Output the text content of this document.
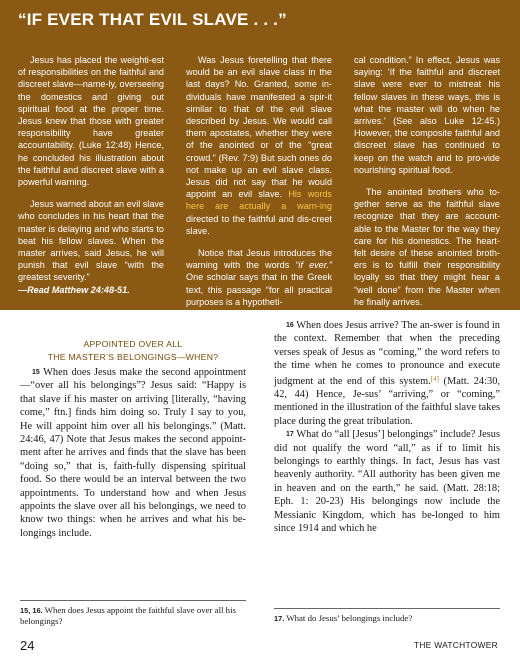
“IF EVER THAT EVIL SLAVE . . .”

Jesus has placed the weighti-est of responsibilities on the faithful and discreet slave—name-ly, overseeing the domestics and giving out spiritual food at the proper time. Jesus knew that those with greater responsibility have greater accountability. (Luke 12:48) Hence, he concluded his illustration about the faithful and discreet slave with a powerful warning.

Jesus warned about an evil slave who concludes in his heart that the master is delaying and who starts to beat his fellow slaves. When the master arrives, said Jesus, he will punish that evil slave “with the greatest severity.”
—Read Matthew 24:48-51.

Was Jesus foretelling that there would be an evil slave class in the last days? No. Granted, some in-dividuals have manifested a spir-it similar to that of the evil slave described by Jesus. We would call them apostates, whether they were of the anointed or of the “great crowd.” (Rev. 7:9) But such ones do not make up an evil slave class. Jesus did not say that he would appoint an evil slave. His words here are actually a warn-ing directed to the faithful and dis-creet slave.

Notice that Jesus introduces the warning with the words “if ever.” One scholar says that in the Greek text, this passage “for all practical purposes is a hypotheti-

cal condition.” In effect, Jesus was saying: ‘If the faithful and discreet slave were ever to mistreat his fellow slaves in these ways, this is what the master will do when he arrives.’ (See also Luke 12:45.) However, the composite faithful and discreet slave has continued to keep on the watch and to pro-vide nourishing spiritual food.

The anointed brothers who to-gether serve as the faithful slave recognize that they are account-able to the Master for the way they care for his domestics. The heart-felt desire of these anointed broth-ers is to fulfill their responsibility loyally so that they might hear a “well done” from the Master when he finally arrives.

APPOINTED OVER ALL
THE MASTER’S BELONGINGS—WHEN?

15 When does Jesus make the second appointment—“over all his belongings”? Jesus said: “Happy is that slave if his master on arriving [literally, “having come,” ftn.] finds him doing so. Truly I say to you, He will appoint him over all his belongings.” (Matt. 24:46, 47) Note that Jesus makes the second appoint-ment after he arrives and finds that the slave has been “doing so,” that is, faith-fully dispensing spiritual food. So there would be an interval between the two appointments. To understand how and when Jesus appoints the slave over all his belongings, we need to know two things: when he arrives and what his be-longings include.

15, 16. When does Jesus appoint the faithful slave over all his belongings?

16 When does Jesus arrive? The an-swer is found in the context. Remember that when the preceding verses speak of Jesus as “coming,” the word refers to the time when he comes to pronounce and execute judgment at the end of this system.[4] (Matt. 24:30, 42, 44) Hence, Je-sus’ “arriving,” or “coming,” mentioned in the illustration of the faithful slave takes place during the great tribulation.

17 What do “all [Jesus’] belongings” include? Jesus did not qualify the word “all,” as if to limit his belongings to earthly things. In fact, Jesus has vast heavenly authority. “All authority has been given me in heaven and on the earth,” he said. (Matt. 28:18; Eph. 1: 20-23) His belongings now include the Messianic Kingdom, which has be-longed to him since 1914 and which he

17. What do Jesus’ belongings include?
24	THE WATCHTOWER
